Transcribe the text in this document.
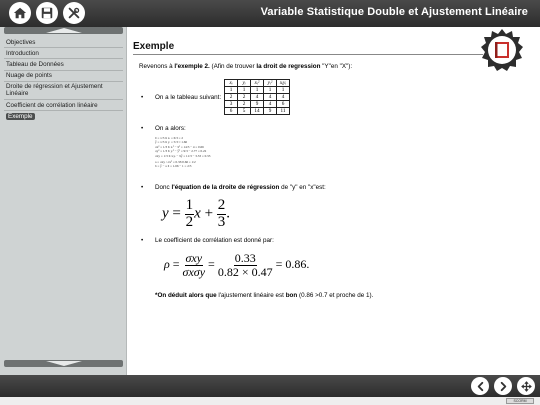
Variable Statistique Double et Ajustement Linéaire
Objectives
Introduction
Tableau de Données
Nuage de points
Droite de régression et Ajustement Linéaire
Coefficient de corrélation linéaire
Exemple
Exemple
Revenons à l'exemple 2. (Afin de trouver la droit de regression "Y"en "X"):
On a le tableau suivant:
xᵢ	yᵢ	xᵢ²	yᵢ²	xᵢyᵢ
1	1	1	1	1
2	2	4	4	4
3	2	9	4	6
6	5	14	9	11
On a alors:
x̄ = 1/3 Σ xᵢ = 6/3 = 2
ȳ = 1/3 Σ yᵢ = 5/3 ≈ 1.66
σx² = 1/3 Σ xᵢ² − x̄² = 14/3 − 4 = 0.66
σy² = 1/3 Σ yᵢ² − ȳ² = 9/3 − 2.77 = 0.22
σxy = 1/3 Σ xᵢyᵢ − x̄ȳ = 11/3 − 3.33 = 0.33
a = σxy / σx² = 0.33/0.66 = 1/2
b = ȳ − a x̄ = 1.66 − 1 = 2/3
Donc l'équation de la droite de régression de "y" en "x"est:
$y = \frac{1}{2}$ $x + \frac{2}{3}$ .
Le coefficient de corrélation est donné par:
$\rho = \frac{\text{σxy}}{\text{σxσy}} = \frac{0.33}{0.82 \times 0.47} = 0.86$.
*On déduit alors que l'ajustement linéaire est bon (0.86 >0.7 et proche de 1).
SCORM
